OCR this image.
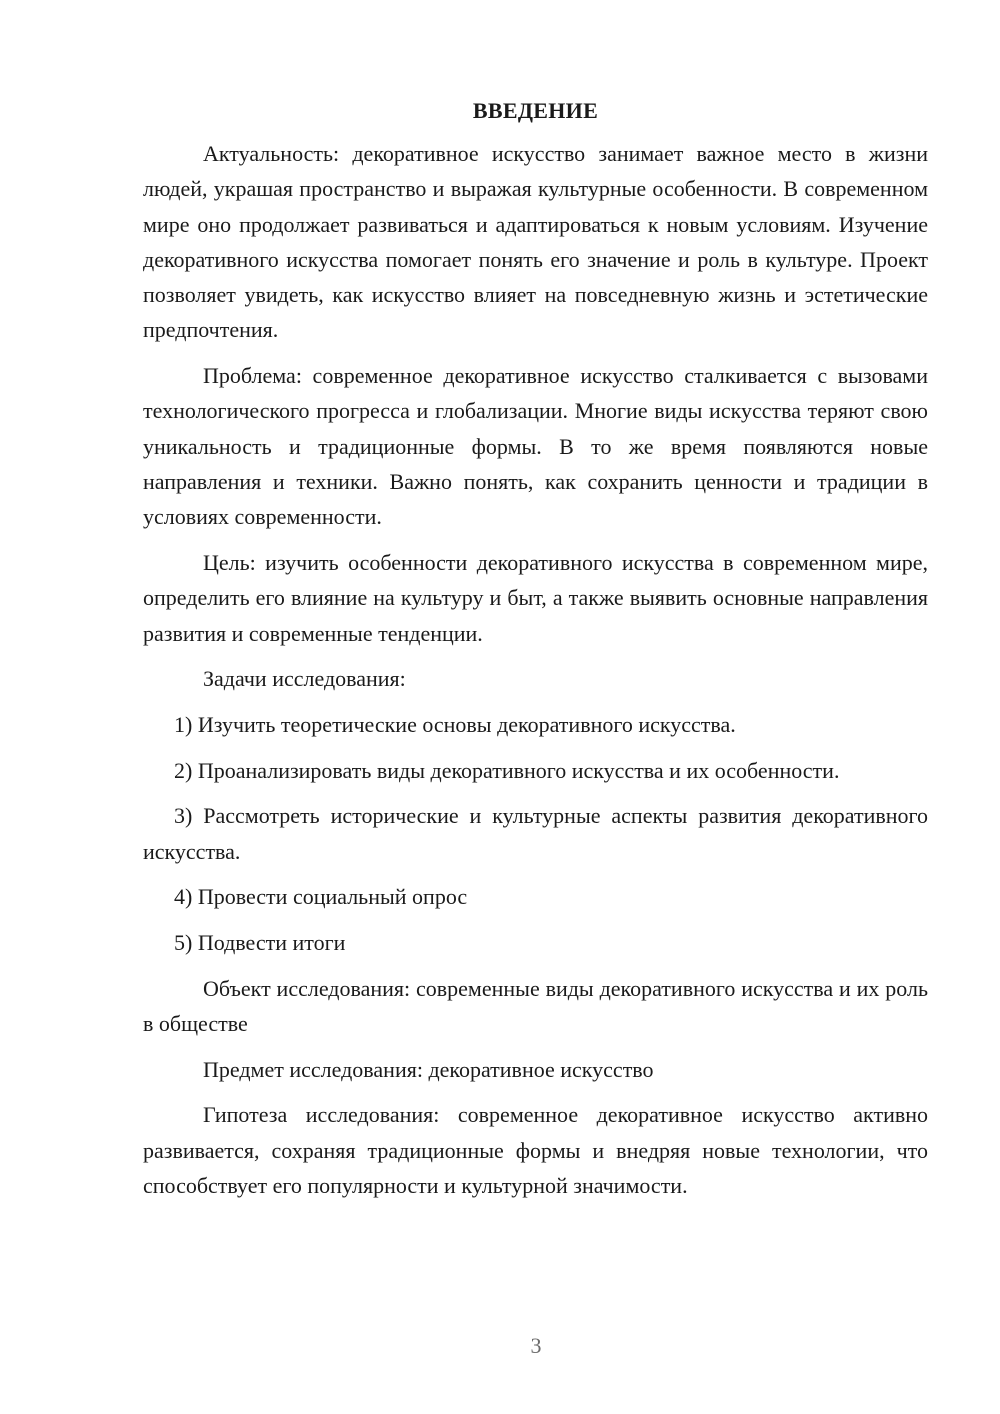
ВВЕДЕНИЕ

Актуальность: декоративное искусство занимает важное место в жизни людей, украшая пространство и выражая культурные особенности. В современном мире оно продолжает развиваться и адаптироваться к новым условиям. Изучение декоративного искусства помогает понять его значение и роль в культуре. Проект позволяет увидеть, как искусство влияет на повседневную жизнь и эстетические предпочтения.

Проблема: современное декоративное искусство сталкивается с вызовами технологического прогресса и глобализации. Многие виды искусства теряют свою уникальность и традиционные формы. В то же время появляются новые направления и техники. Важно понять, как сохранить ценности и традиции в условиях современности.

Цель: изучить особенности декоративного искусства в современном мире, определить его влияние на культуру и быт, а также выявить основные направления развития и современные тенденции.

Задачи исследования:

1) Изучить теоретические основы декоративного искусства.

2) Проанализировать виды декоративного искусства и их особенности.

3) Рассмотреть исторические и культурные аспекты развития декоративного искусства.

4) Провести социальный опрос

5) Подвести итоги

Объект исследования: современные виды декоративного искусства и их роль в обществе

Предмет исследования: декоративное искусство

Гипотеза исследования: современное декоративное искусство активно развивается, сохраняя традиционные формы и внедряя новые технологии, что способствует его популярности и культурной значимости.

3
